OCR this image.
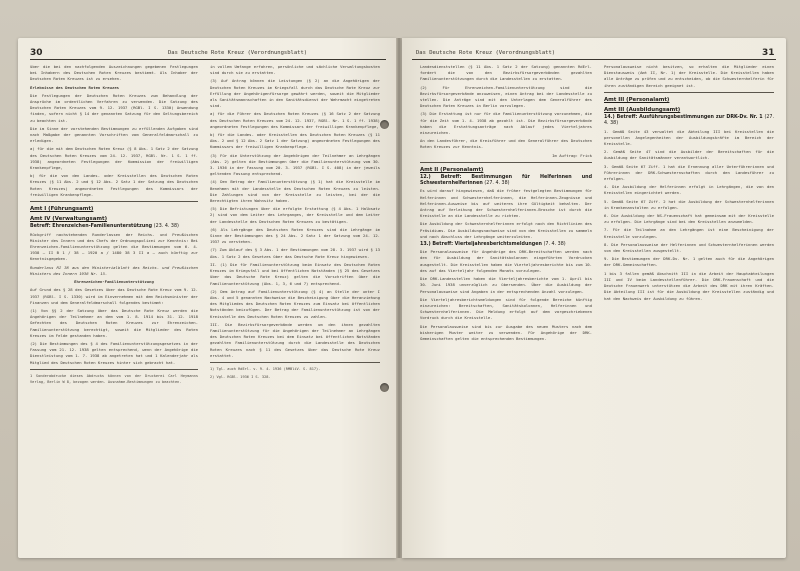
30	Das Deutsche Rote Kreuz (Verordnungsblatt)

über die bei den nachfolgenden Auszeichnungen gegebenen Festlegungen bei Inhabern des Deutschen Roten Kreuzes bestimmt. Als Inhaber der Deutschen Roten Kreuzes ist zu ersehen.

Erlebnisse des Deutschen Roten Kreuzes

Die Festlegungen der Deutschen Roten Kreuzes zum Behandlung der Ansprüche im ordentlichen Verfahren zu verwenden. Die Satzung des Deutschen Roten Kreuzes vom 9. 12. 1937 (RGBl. I S. 1330) Anwendung finden, sofern nicht § 14 der genannten Satzung für den Geltungsbereich zu beachten ist.

Die im Sinne der vorstehenden Bestimmungen zu erfüllenden Aufgaben sind nach Maßgabe der genannten Vorschriften vom Generalfeldmarschall zu erledigen.

a) für die mit dem Deutschen Roten Kreuz (§ 8 Abs. 1 Satz 2 der Satzung des Deutschen Roten Kreuzes vom 24. 12. 1937, RGBl. Nr. 1 S. 1 ff. 1938) angeordneten Festlegungen der Kommission der freiwilligen Krankenpflege,

b) für die von den Landes- oder Kreisstellen des Deutschen Roten Kreuzes (§ 11 Abs. 2 und § 12 Abs. 2 Satz 1 der Satzung des Deutschen Roten Kreuzes) angeordneten Festlegungen des Kommissars der freiwilligen Krankenpflege.

Amt I (Führungsamt)
Amt IV (Verwaltungsamt)
Betreff: Ehrenzeichen-Familienunterstützung (23. 4. 38)

Rückgriff nachstehenden Runderlassen der Reichs- und Preußischen Minister des Innern und des Chefs der Ordnungspolizei zur Kenntnis: Bei Ehrenzeichen-Familienunterstützung gelten die Bestimmungen vom 6. 4. 1938 — II B 1 / 38 — 1920 a / 1480 38 3 II a — auch künftig zur Kenntnisgegeben.

Runderlass RI 38 aus den Ministerialblatt des Reichs- und Preußischen Ministers des Innern 1938 Nr. 15.

Ehrenzeichen-Familienunterstützung

Auf Grund des § 28 des Gesetzes über das Deutsche Rote Kreuz vom 9. 12. 1937 (RGBl. I S. 1330) wird im Einvernehmen mit dem Reichsminister der Finanzen und dem Generalfeldmarschall folgendes bestimmt:

(1) Von §§ 2 der Satzung über das Deutsche Rote Kreuz werden die Angehörigen der Teilnehmer an dem vom 1. 8. 1914 bis 31. 12. 1918 Gefechten des Deutschen Roten Kreuzes zur Ehrenzeichen-Familienunterstützung berechtigt, soweit die Mitglieder des Roten Kreuzes im Felde gestanden haben.

(2) Die Bestimmungen des § 4 des Familienunterstützungsgesetzes in der Fassung vom 21. 12. 1938 gelten entsprechend, wenn der Angehörige die Dienstleistung vom 1. 7. 1938 ab angetreten hat und 1 Kalenderjahr als Mitglied des Deutschen Roten Kreuzes hinter sich gebracht hat.

1 Sonderabdrucke dieses Abdrucks können von der Druckerei Carl Heymanns Verlag, Berlin W 8, bezogen werden. Ausnahme-Bestimmungen zu beachten.

in vollem Umfange erfahren, persönliche und sächliche Verwaltungskosten sind durch sie zu erstatten.

(3) Auf Antrag können die Leistungen (§ 2) an die Angehörigen der Deutschen Roten Kreuzes im Kriegsfall durch das Deutsche Rote Kreuz zur Erfüllung der Angehörigenfürsorge gewährt werden, soweit die Mitglieder als Sanitätsmannschaften in den Sanitätsdienst der Wehrmacht eingetreten sind.

a) für die Führer des Deutschen Roten Kreuzes (§ 16 Satz 2 der Satzung des Deutschen Roten Kreuzes vom 24. 12. 1937, RGBl. Nr. 1 S. 1 ff. 1938) angeordneten Festlegungen des Kommissars der freiwilligen Krankenpflege,

b) für die Landes- oder Kreisstellen des Deutschen Roten Kreuzes (§ 11 Abs. 2 und § 12 Abs. 2 Satz 1 der Satzung) angeordneten Festlegungen des Kommissars der freiwilligen Krankenpflege.

(3) Für die Unterstützung der Angehörigen der Teilnehmer an Lehrgängen (Abs. 2) gelten die Bestimmungen über die Familienunterstützung vom 30. 3. 1936 in der Fassung vom 20. 3. 1937 (RGBl. I S. 408) in der jeweils geltenden Fassung entsprechend.

(4) Den Betrag der Familienunterstützung (§ 1) hat die Kreisstelle im Benehmen mit der Landesstelle des Deutschen Roten Kreuzes zu leisten. Die Zahlungen sind von der Kreisstelle zu leisten, bei der die Berechtigten ihren Wohnsitz haben.

(5) Die Befristungen über die erfolgte Erstattung (§ 4 Abs. 1 Halbsatz 2) sind von dem Leiter des Lehrganges, der Kreisstelle und dem Leiter der Landesstelle des Deutschen Roten Kreuzes zu bestätigen.

(6) Als Lehrgänge des Deutschen Roten Kreuzes sind die Lehrgänge im Sinne der Bestimmungen des § 24 Abs. 2 Satz 1 der Satzung vom 24. 12. 1937 zu verstehen.

(7) Zum Ablauf des § 3 Abs. 1 der Bestimmungen vom 28. 3. 1937 wird § 13 Abs. 1 Satz 2 des Gesetzes über das Deutsche Rote Kreuz hingewiesen.

II. (1) Die für Familienunterstützung beim Einsatz des Deutschen Roten Kreuzes im Kriegsfall und bei öffentlichen Notständen (§ 25 des Gesetzes über das Deutsche Rote Kreuz) gelten die Vorschriften über die Familienunterstützung (Abs. 1, 3, 6 und 7) entsprechend.

(2) Dem Antrag auf Familienunterstützung (§ 4) an Stelle der unter I Abs. 4 und 5 genannten Nachweise die Bescheinigung über die Heranziehung des Mitgliedes des Deutschen Roten Kreuzes zum Einsatz bei öffentlichen Notständen beizufügen. Der Betrag der Familienunterstützung ist von der Kreisstelle des Deutschen Roten Kreuzes zu zahlen.

III. Die Bezirksfürsorgeverbände werden um den ihnen gezahlten Familienunterstützung für die Angehörigen der Teilnehmer an Lehrgängen des Deutschen Roten Kreuzes bei dem Einsatz bei öffentlichen Notständen gezahlten Familienunterstützung durch die Landesstelle des Deutschen Roten Kreuzes nach § 11 des Gesetzes über das Deutsche Rote Kreuz erstattet.

1) Tgl. auch RdErl. v. 9. 4. 1936 (RMBliV. S. 817).

2) Vgl. RGBl. 1936 I S. 328.

Das Deutsche Rote Kreuz (Verordnungsblatt)	31

Landesdienststellen (§ 11 Abs. 1 Satz 2 der Satzung) genannten RdErl. fordert die von den Bezirksfürsorgeverbänden gezahlten Familienunterstützungen durch die Landesstellen zu erstatten.

(2) Für Ehrenzeichen-Familienunterstützung sind die Bezirksfürsorgeverbände anzuweisen, einen Antrag bei der Landesstelle zu stellen. Die Anträge sind mit den Unterlagen dem Generalführer des Deutschen Roten Kreuzes in Berlin vorzulegen.

(3) Die Erstattung ist nur für die Familienunterstützung vorzunehmen, die für die Zeit vom 1. 4. 1938 ab gezahlt ist. Die Bezirksfürsorgeverbände haben die Erstattungsanträge nach Ablauf jedes Vierteljahres einzureichen.

An den Landesführer, die Kreisführer und den Generalführer des Deutschen Roten Kreuzes zur Kenntnis.

Im Auftrag: Frick

Amt II (Personalamt)
12.) Betreff: Bestimmungen für Helferinnen und Schwesternhelferinnen (27. 4. 38)

Es wird darauf hingewiesen, daß die früher festgelegten Bestimmungen für Helferinnen und Schwesternhelferinnen, die Helferinnen-Zeugnisse und Helferinnen-Ausweise bis auf weiteres ihre Gültigkeit behalten. Der Antrag auf Verleihung der Schwesternhelferinnen-Brosche ist durch die Kreisstelle an die Landesstelle zu richten.

Die Ausbildung der Schwesternhelferinnen erfolgt nach den Richtlinien des Präsidiums. Die Ausbildungsnachweise sind von den Kreisstellen zu sammeln und nach Abschluss der Lehrgänge weiterzuleiten.

13.) Betreff: Vierteljahresberichtsmeldungen (7. 4. 38)

Die Personalausweise für Angehörige des DRK-Bereitschaften werden nach den für Ausbildung der Sanitätskolonnen eingeführten Vordrucken ausgestellt. Die Kreisstellen haben die Vierteljahresberichte bis zum 10. des auf das Vierteljahr folgenden Monats vorzulegen.

Die DRK-Landesstellen haben die Vierteljahresberichte vom 1. April bis 30. Juni 1938 unverzüglich zu übersenden. Über die Ausbildung der Personalausweise sind Angaben in der entsprechenden Anzahl vorzulegen.

Die Vierteljahresberichtsmeldungen sind für folgende Bereiche künftig einzureichen: Bereitschaften, Sanitätskolonnen, Helferinnen und Schwesternhelferinnen. Die Meldung erfolgt auf dem vorgeschriebenen Vordruck durch die Kreisstelle.

Die Personalausweise sind bis zur Ausgabe des neuen Musters nach dem bisherigen Muster weiter zu verwenden. Für Angehörige der DRK-Gemeinschaften gelten die entsprechenden Bestimmungen.

Personalausweise nicht besitzen, so erhalten die Mitglieder einen Dienstausweis (Amt II, Nr. 1) der Kreisstelle. Die Kreisstellen haben alle Anträge zu prüfen und zu entscheiden, ob die Schwesternhelferin für ihren zuständigen Bereich geeignet ist.

Amt III (Personalamt)
Amt III (Ausbildungsamt)
14.) Betreff: Ausführungsbestimmungen zur DRK-Dv. Nr. 1 (27. 4. 38)

1. Gemäß Seite 43 verwaltet die Abteilung III bei Kreisstellen die personellen Angelegenheiten der Ausbildungskräfte im Bereich der Kreisstelle.

2. Gemäß Seite 47 sind die Ausbilder der Bereitschaften für die Ausbildung der Sanitätsmänner verantwortlich.

3. Gemäß Seite 67 Ziff. 1 hat die Ernennung aller Unterführerinnen und Führerinnen der DRK-Schwesternschaften durch den Landesführer zu erfolgen.

4. Die Ausbildung der Helferinnen erfolgt in Lehrgängen, die von den Kreisstellen eingerichtet werden.

5. Gemäß Seite 67 Ziff. 2 hat die Ausbildung der Schwesternhelferinnen in Krankenanstalten zu erfolgen.

6. Die Ausbildung der NS-Frauenschaft hat gemeinsam mit der Kreisstelle zu erfolgen. Die Lehrgänge sind bei den Kreisstellen anzumelden.

7. Für die Teilnahme an den Lehrgängen ist eine Bescheinigung der Kreisstelle vorzulegen.

8. Die Personalausweise der Helferinnen und Schwesternhelferinnen werden von den Kreisstellen ausgestellt.

9. Die Bestimmungen der DRK-Dv. Nr. 1 gelten auch für die Angehörigen der DRK-Gemeinschaften.

1 bis 3 fallen gemäß Abschnitt III in die Arbeit der Hauptabteilungen III und IV beim Landesstellenführer. Die DRK-Frauenschaft und die Deutsche Frauenwerk unterstützen die Arbeit des DRK mit ihren Kräften. Die Abteilung III ist für die Ausbildung der Kreisstellen zuständig und hat den Nachweis der Ausbildung zu führen.
